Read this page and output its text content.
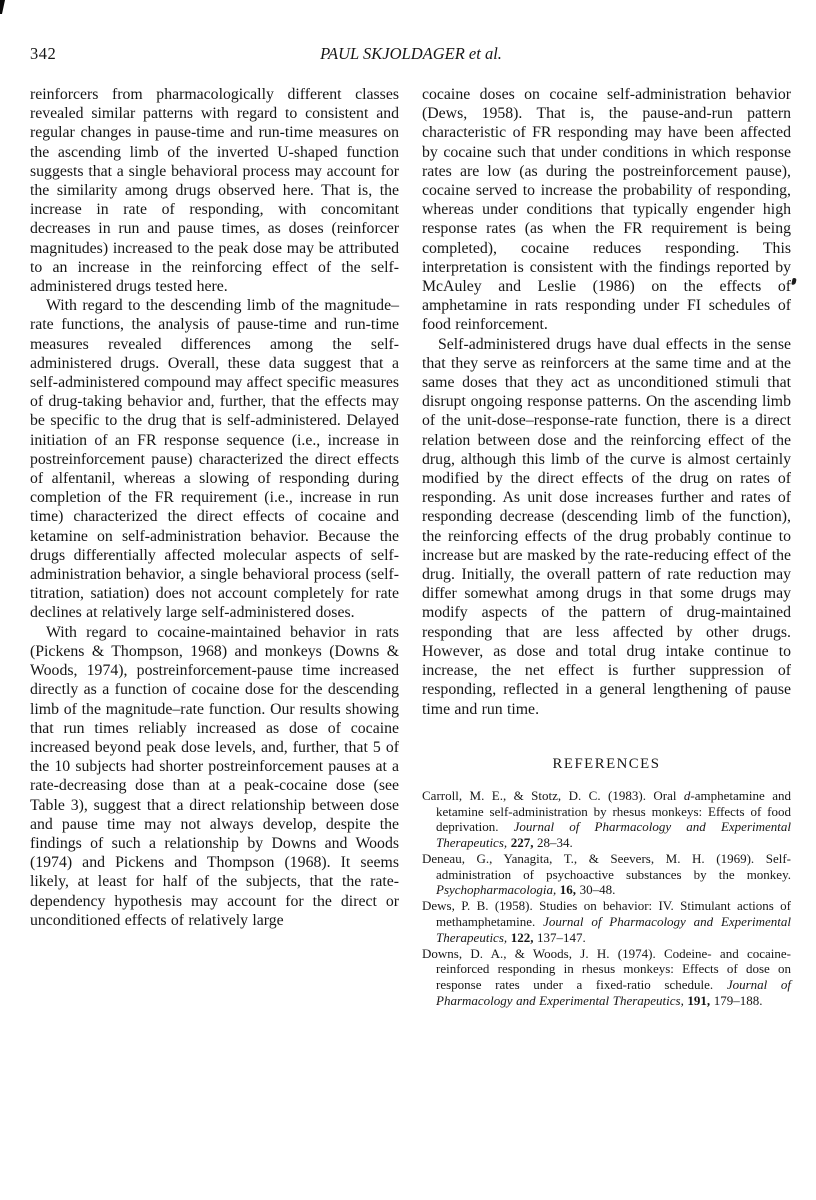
342	PAUL SKJOLDAGER et al.

reinforcers from pharmacologically different classes revealed similar patterns with regard to consistent and regular changes in pause-time and run-time measures on the ascending limb of the inverted U-shaped function suggests that a single behavioral process may account for the similarity among drugs observed here. That is, the increase in rate of responding, with concomitant decreases in run and pause times, as doses (reinforcer magnitudes) increased to the peak dose may be attributed to an increase in the reinforcing effect of the self-administered drugs tested here.

With regard to the descending limb of the magnitude–rate functions, the analysis of pause-time and run-time measures revealed differences among the self-administered drugs. Overall, these data suggest that a self-administered compound may affect specific measures of drug-taking behavior and, further, that the effects may be specific to the drug that is self-administered. Delayed initiation of an FR response sequence (i.e., increase in postreinforcement pause) characterized the direct effects of alfentanil, whereas a slowing of responding during completion of the FR requirement (i.e., increase in run time) characterized the direct effects of cocaine and ketamine on self-administration behavior. Because the drugs differentially affected molecular aspects of self-administration behavior, a single behavioral process (self-titration, satiation) does not account completely for rate declines at relatively large self-administered doses.

With regard to cocaine-maintained behavior in rats (Pickens & Thompson, 1968) and monkeys (Downs & Woods, 1974), postreinforcement-pause time increased directly as a function of cocaine dose for the descending limb of the magnitude–rate function. Our results showing that run times reliably increased as dose of cocaine increased beyond peak dose levels, and, further, that 5 of the 10 subjects had shorter postreinforcement pauses at a rate-decreasing dose than at a peak-cocaine dose (see Table 3), suggest that a direct relationship between dose and pause time may not always develop, despite the findings of such a relationship by Downs and Woods (1974) and Pickens and Thompson (1968). It seems likely, at least for half of the subjects, that the rate-dependency hypothesis may account for the direct or unconditioned effects of relatively large

cocaine doses on cocaine self-administration behavior (Dews, 1958). That is, the pause-and-run pattern characteristic of FR responding may have been affected by cocaine such that under conditions in which response rates are low (as during the postreinforcement pause), cocaine served to increase the probability of responding, whereas under conditions that typically engender high response rates (as when the FR requirement is being completed), cocaine reduces responding. This interpretation is consistent with the findings reported by McAuley and Leslie (1986) on the effects of amphetamine in rats responding under FI schedules of food reinforcement.

Self-administered drugs have dual effects in the sense that they serve as reinforcers at the same time and at the same doses that they act as unconditioned stimuli that disrupt ongoing response patterns. On the ascending limb of the unit-dose–response-rate function, there is a direct relation between dose and the reinforcing effect of the drug, although this limb of the curve is almost certainly modified by the direct effects of the drug on rates of responding. As unit dose increases further and rates of responding decrease (descending limb of the function), the reinforcing effects of the drug probably continue to increase but are masked by the rate-reducing effect of the drug. Initially, the overall pattern of rate reduction may differ somewhat among drugs in that some drugs may modify aspects of the pattern of drug-maintained responding that are less affected by other drugs. However, as dose and total drug intake continue to increase, the net effect is further suppression of responding, reflected in a general lengthening of pause time and run time.

REFERENCES
Carroll, M. E., & Stotz, D. C. (1983). Oral d-amphetamine and ketamine self-administration by rhesus monkeys: Effects of food deprivation. Journal of Pharmacology and Experimental Therapeutics, 227, 28–34.
Deneau, G., Yanagita, T., & Seevers, M. H. (1969). Self-administration of psychoactive substances by the monkey. Psychopharmacologia, 16, 30–48.
Dews, P. B. (1958). Studies on behavior: IV. Stimulant actions of methamphetamine. Journal of Pharmacology and Experimental Therapeutics, 122, 137–147.
Downs, D. A., & Woods, J. H. (1974). Codeine- and cocaine-reinforced responding in rhesus monkeys: Effects of dose on response rates under a fixed-ratio schedule. Journal of Pharmacology and Experimental Therapeutics, 191, 179–188.
